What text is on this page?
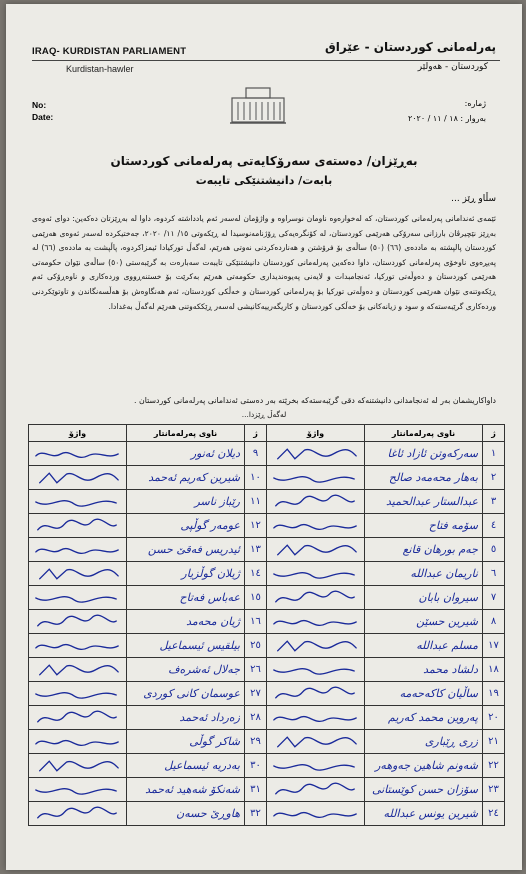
IRAQ- KURDISTAN PARLIAMENT
Kurdistan-hawler
پەرلەمانی کوردستان - عێراق
کوردستان - هەولێر
No:
Date:
ژمارە:
بەروار : ١٨ / ١١ / ٢٠٢٠
بەڕێزان/ دەستەی سەرۆکایەتی پەرلەمانی کوردستان
بابەت/ دانیشتنێکی تایبەت
سڵاو ڕێز ...
ئێمەی ئەندامانی پەرلەمانی کوردستان، کە لەخوارەوە ناومان نوسراوە و واژۆمان لەسەر ئەم یادداشتە کردوە، داوا لە بەڕێزتان دەکەین: دوای ئەوەی بەڕێز نێچیرڤان بارزانی سەرۆکی هەرێمی کوردستان، لە کۆنگرەیەکی ڕۆژنامەنوسیدا لە ڕێکەوتی ١٥/ ١١/ ٢٠٢٠، جەختیکردە لەسەر ئەوەی هەرێمی کوردستان پالپشتە بە ماددەی (٦٦) (٥٠) ساڵەی بۆ فرۆشتن و هەناردەکردنی نەوتی هەرێم، لەگەڵ تورکیادا ئیمزاکردوە، پاڵپشت بە ماددەی (٦٦) لە پەیڕەوی ناوخۆی پەرلەمانی کوردستان، داوا دەکەین پەرلەمانی کوردستان دانیشتنێکی تایبەت سەبارەت بە گرێبەستی (٥٠) ساڵەی نێوان حکومەتی هەرێمی کوردستان و دەوڵەتی تورکیا، ئەنجامبدات و لایەنی پەیوەندیداری حکومەتی هەرێم بەکرێت بۆ خستنەڕووی وردەکاری و ناوەڕۆکی ئەم ڕێکەوتنەی نێوان هەرێمی کوردستان و دەوڵەتی تورکیا بۆ پەرلەمانی کوردستان و خەڵکی کوردستان، ئەم هەنگاوەش بۆ هەڵسەنگاندن و تاوتوێکردنی وردەکاری گرێبەستەکە و سود و زیانەکانی بۆ خەڵکی کوردستان و کاریگەرییەکانیشی لەسەر ڕێککەوتنی هەرێم لەگەڵ بەغدادا.
داواکاریشمان بەر لە ئەنجامدانی دانیشتنەکە دقی گرێبەستەکە بخرێتە بەر دەستی ئەندامانی پەرلەمانی کوردستان .
لەگەڵ ڕێزدا...
ژ	ناوی پەرلەمانتار	واژۆ	ژ	ناوی پەرلەمانتار	واژۆ
١	سەرکەوتن ئازاد ئاغا		٩	دیلان ئەنور	

٢	بەهار محەمەد صالح		١٠	شیرین کەریم ئەحمد	

٣	عبدالستار عبدالحمید		١١	رێباز ناسر	

٤	سۆمە فتاح		١٢	عومەر گوڵپی	

٥	جەم بورهان قانع		١٣	ئیدریس فەقێ حسن	

٦	ناریمان عبداللە		١٤	ژیلان گوڵزیار	

٧	سیروان بابان		١٥	عەباس فەتاح	

٨	شیرین حسێن		١٦	ژیان محەمد	

١٧	مسلم عبداللە		٢٥	بیلقیس ئیسماعیل	

١٨	دلشاد محمد		٢٦	جەلال ئەشرەف	

١٩	ساڵیان کاکەحەمە		٢٧	عوسمان کانی کوردی	

٢٠	پەروین محمد کەریم		٢٨	زەرداد ئەحمد	

٢١	زری ڕێباری		٢٩	شاکر گوڵی	

٢٢	شەونم شاهین جەوهەر		٣٠	بەدریە ئیسماعیل	

٢٣	سۆزان حسن کوێستانی		٣١	شەنکۆ شەهید ئەحمد	

٢٤	شیرین یونس عبداللە		٣٢	هاوڕێ حسەن	
